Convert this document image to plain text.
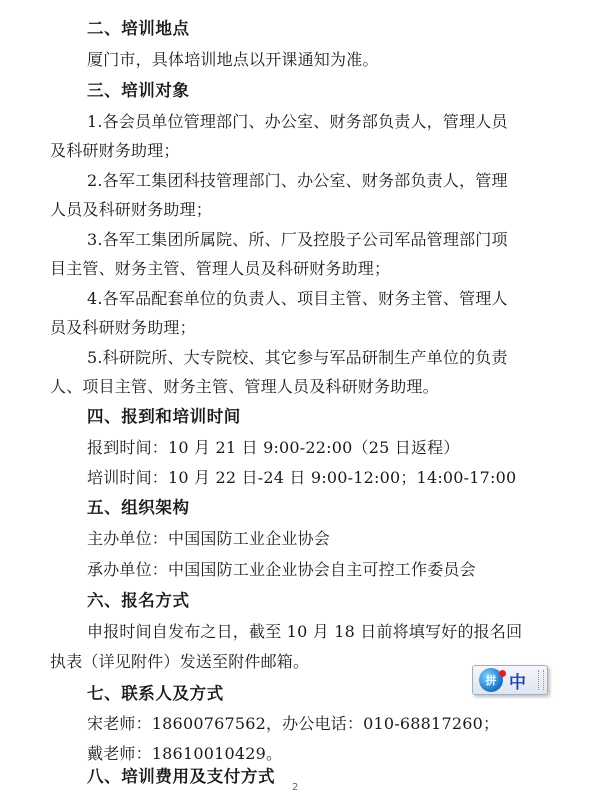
二、培训地点
厦门市，具体培训地点以开课通知为准。
三、培训对象
1.各会员单位管理部门、办公室、财务部负责人，管理人员
及科研财务助理；
2.各军工集团科技管理部门、办公室、财务部负责人，管理
人员及科研财务助理；
3.各军工集团所属院、所、厂及控股子公司军品管理部门项
目主管、财务主管、管理人员及科研财务助理；
4.各军品配套单位的负责人、项目主管、财务主管、管理人
员及科研财务助理；
5.科研院所、大专院校、其它参与军品研制生产单位的负责
人、项目主管、财务主管、管理人员及科研财务助理。
四、报到和培训时间
报到时间：10 月 21 日 9:00-22:00（25 日返程）
培训时间：10 月 22 日-24 日 9:00-12:00；14:00-17:00
五、组织架构
主办单位：中国国防工业企业协会
承办单位：中国国防工业企业协会自主可控工作委员会
六、报名方式
申报时间自发布之日，截至 10 月 18 日前将填写好的报名回
执表（详见附件）发送至附件邮箱。
七、联系人及方式
宋老师：18600767562，办公电话：010-68817260；
戴老师：18610010429。
八、培训费用及支付方式
2
拼 中
